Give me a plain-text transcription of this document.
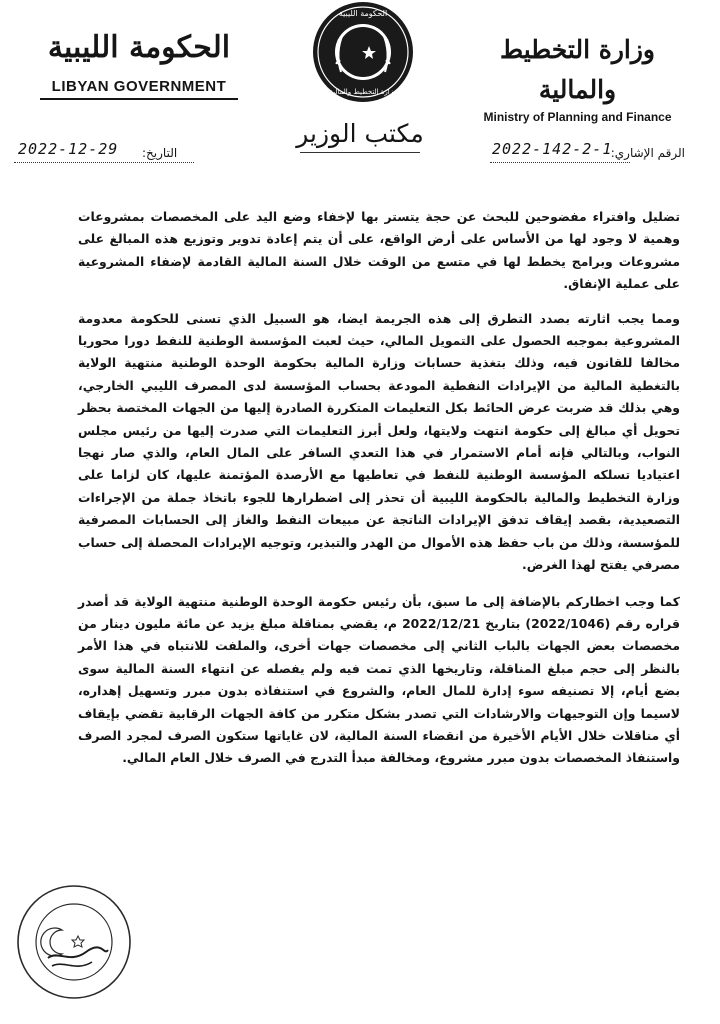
الحكومة الليبية
LIBYAN GOVERNMENT
الحكومة الليبية
وزارة التخطيط والمالية
وزارة التخطيط والمالية
Ministry of Planning and Finance
مكتب الوزير
التاريخ:
2022-12-29	الرقم الإشاري:
2022-142-2-1

تضليل وافتراء مفضوحين للبحث عن حجة يتستر بها لإخفاء وضع اليد على المخصصات بمشروعات وهمية لا وجود لها من الأساس على أرض الواقع، على أن يتم إعادة تدوير وتوزيع هذه المبالغ على مشروعات وبرامج يخطط لها في متسع من الوقت خلال السنة المالية القادمة لإضفاء المشروعية على عملية الإنفاق.

ومما يجب اثارته بصدد التطرق إلى هذه الجريمة ايضا، هو السبيل الذي تسنى للحكومة معدومة المشروعية بموجبه الحصول على التمويل المالي، حيث لعبت المؤسسة الوطنية للنفط دورا محوريا مخالفا للقانون فيه، وذلك بتغذية حسابات وزارة المالية بحكومة الوحدة الوطنية منتهية الولاية بالتغطية المالية من الإيرادات النفطية المودعة بحساب المؤسسة لدى المصرف الليبي الخارجي، وهي بذلك قد ضربت عرض الحائط بكل التعليمات المتكررة الصادرة إليها من الجهات المختصة بحظر تحويل أي مبالغ إلى حكومة انتهت ولايتها، ولعل أبرز التعليمات التي صدرت إليها من رئيس مجلس النواب، وبالتالي فإنه أمام الاستمرار في هذا التعدي السافر على المال العام، والذي صار نهجا اعتياديا تسلكه المؤسسة الوطنية للنفط في تعاطيها مع الأرصدة المؤتمنة عليها، كان لزاما على وزارة التخطيط والمالية بالحكومة الليبية أن تحذر إلى اضطرارها للجوء باتخاذ جملة من الإجراءات التصعيدية، بقصد إيقاف تدفق الإيرادات الناتجة عن مبيعات النفط والغاز إلى الحسابات المصرفية للمؤسسة، وذلك من باب حفظ هذه الأموال من الهدر والتبذير، وتوجيه الإيرادات المحصلة إلى حساب مصرفي يفتح لهذا الغرض.

كما وجب اخطاركم بالإضافة إلى ما سبق، بأن رئيس حكومة الوحدة الوطنية منتهية الولاية قد أصدر قراره رقم (2022/1046) بتاريخ 2022/12/21 م، يقضي بمناقلة مبلغ يزيد عن مائة مليون دينار من مخصصات بعض الجهات بالباب الثاني إلى مخصصات جهات أخرى، والملفت للانتباه في هذا الأمر بالنظر إلى حجم مبلغ المناقلة، وتاريخها الذي تمت فيه ولم يفصله عن انتهاء السنة المالية سوى بضع أيام، إلا تصنيفه سوء إدارة للمال العام، والشروع في استنفاذه بدون مبرر وتسهيل إهداره، لاسيما وإن التوجيهات والارشادات التي تصدر بشكل متكرر من كافة الجهات الرقابية تقضي بإيقاف أي مناقلات خلال الأيام الأخيرة من انقضاء السنة المالية، لان غاياتها ستكون الصرف لمجرد الصرف واستنفاذ المخصصات بدون مبرر مشروع، ومخالفة مبدأ التدرج في الصرف خلال العام المالي.
